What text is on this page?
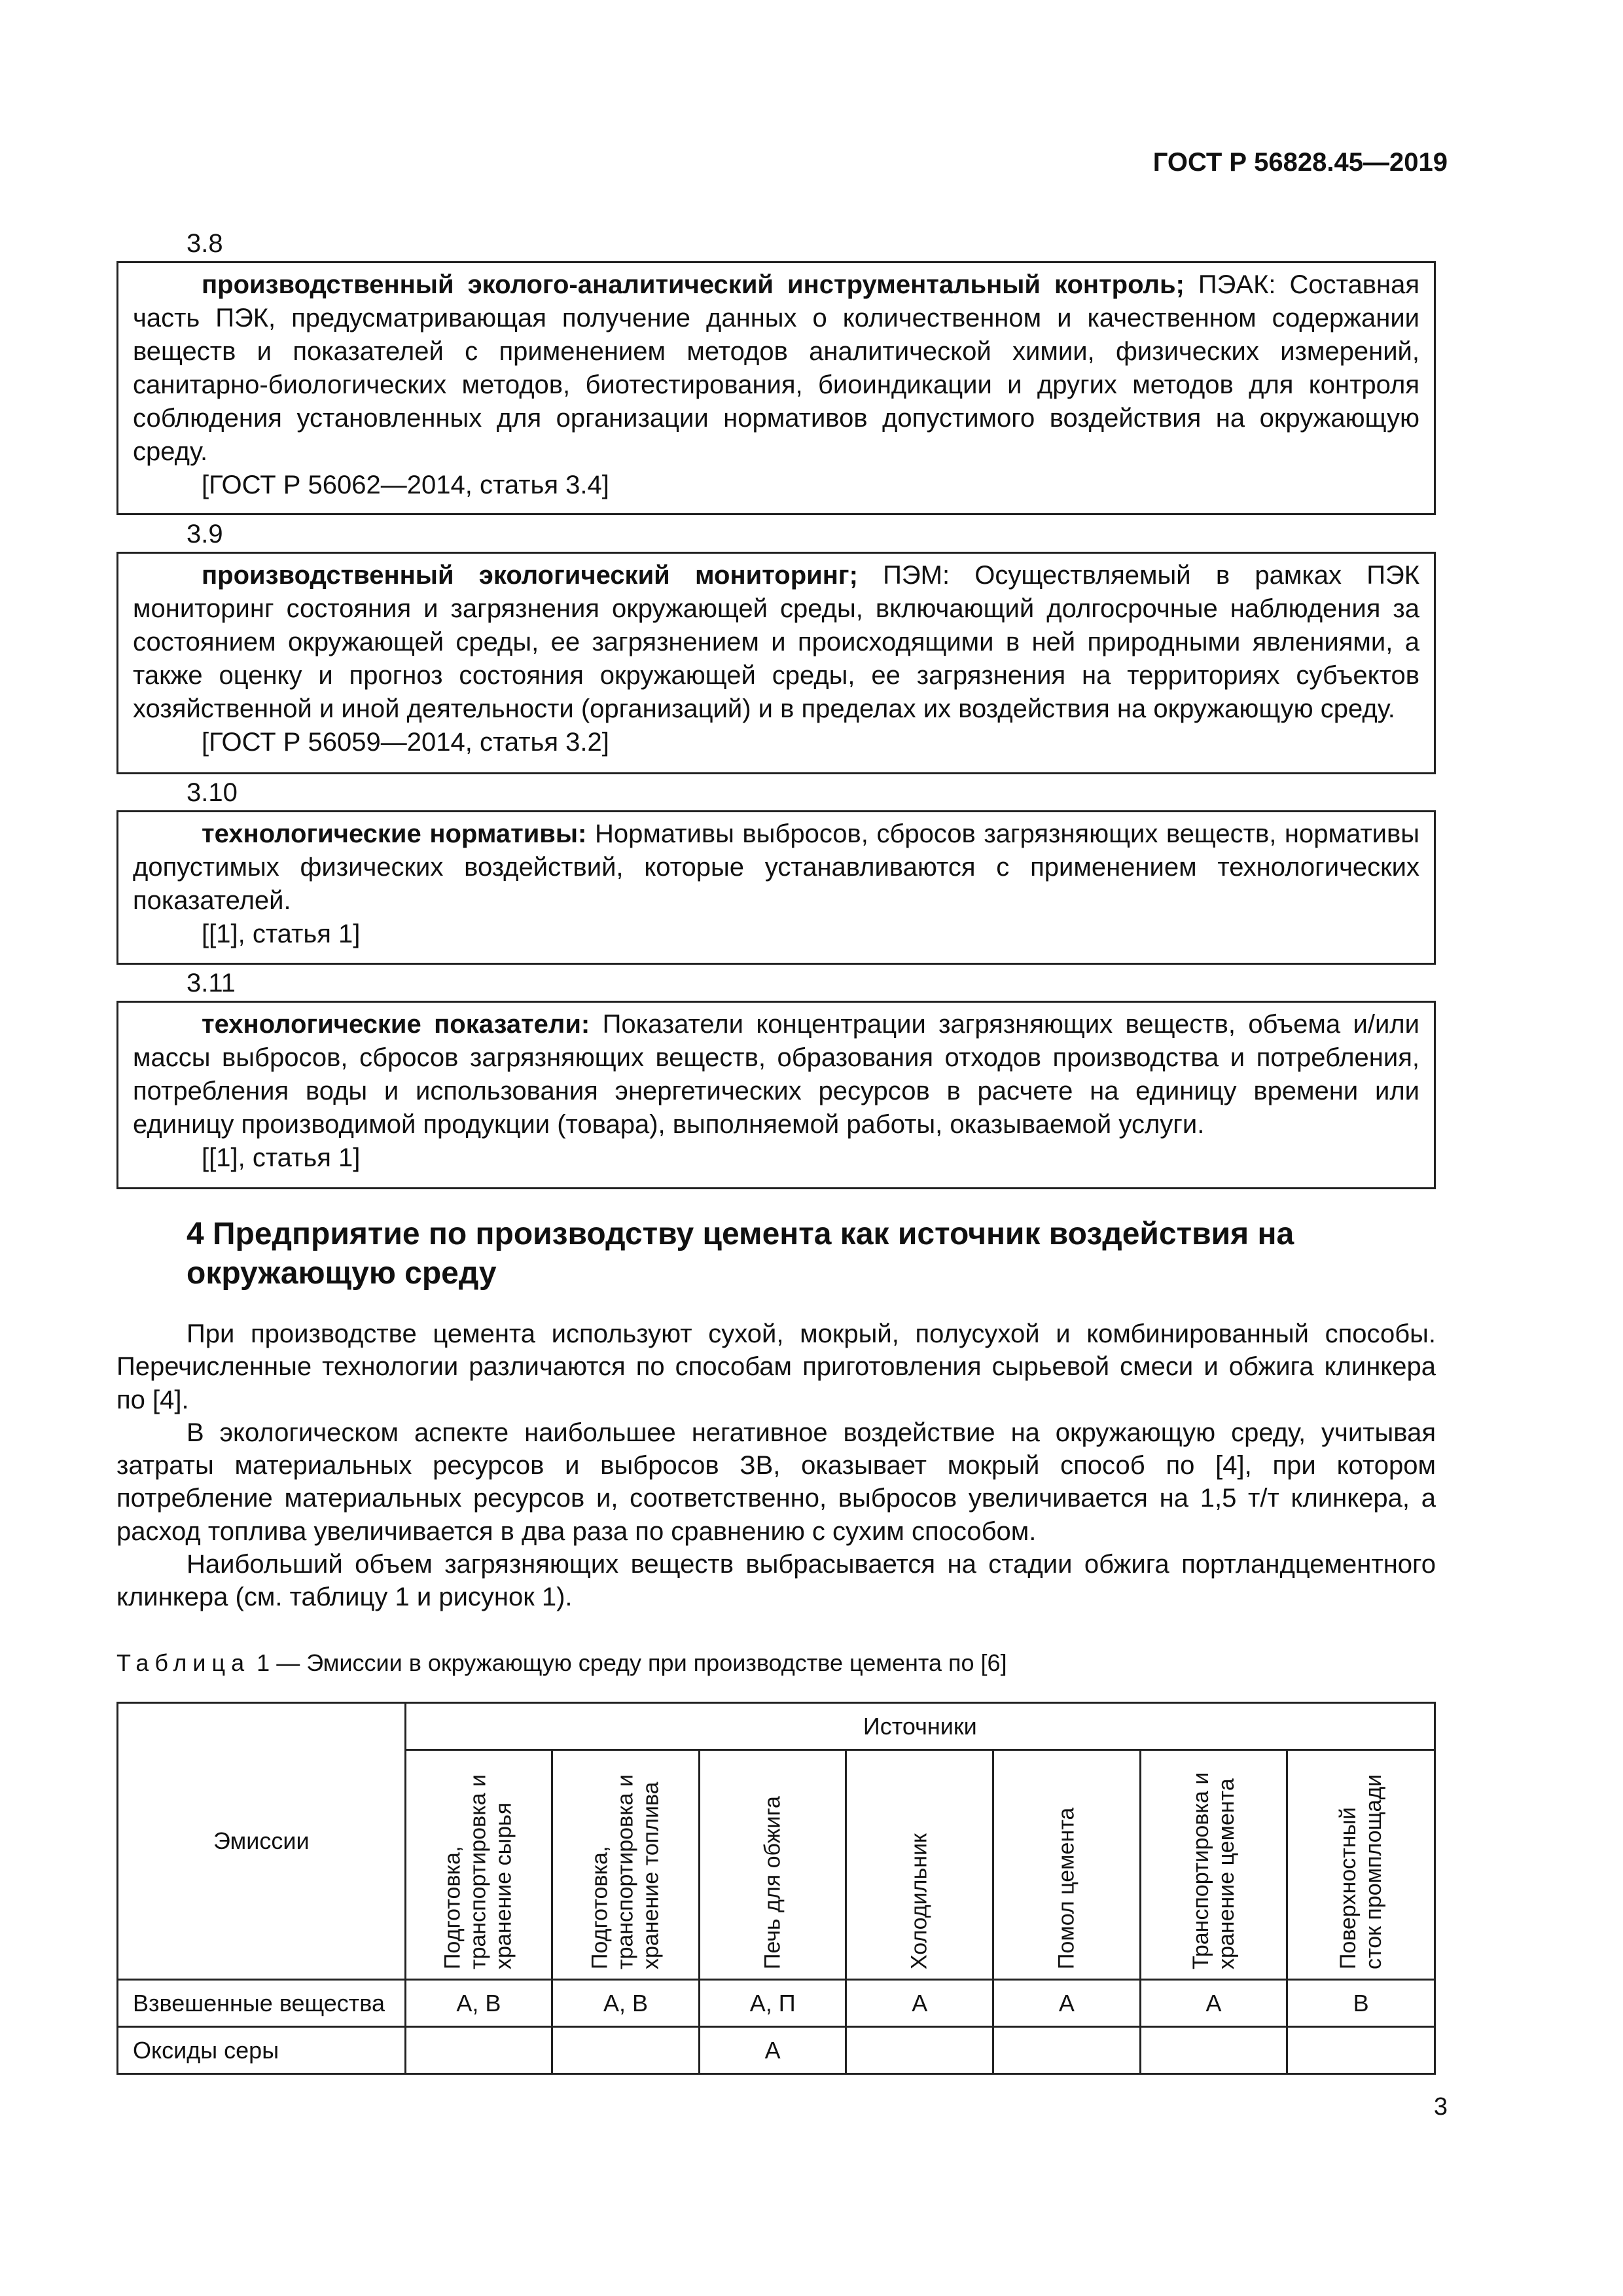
ГОСТ Р 56828.45—2019
3.8

производственный эколого-аналитический инструментальный контроль; ПЭАК: Составная часть ПЭК, предусматривающая получение данных о количественном и качественном содержании веществ и показателей с применением методов аналитической химии, физических измерений, санитарно-биологических методов, биотестирования, биоиндикации и других методов для контроля соблюдения установленных для организации нормативов допустимого воздействия на окружающую среду.

[ГОСТ Р 56062—2014, статья 3.4]

3.9

производственный экологический мониторинг; ПЭМ: Осуществляемый в рамках ПЭК мониторинг состояния и загрязнения окружающей среды, включающий долгосрочные наблюдения за состоянием окружающей среды, ее загрязнением и происходящими в ней природными явлениями, а также оценку и прогноз состояния окружающей среды, ее загрязнения на территориях субъектов хозяйственной и иной деятельности (организаций) и в пределах их воздействия на окружающую среду.

[ГОСТ Р 56059—2014, статья 3.2]

3.10

технологические нормативы: Нормативы выбросов, сбросов загрязняющих веществ, нормативы допустимых физических воздействий, которые устанавливаются с применением технологических показателей.

[[1], статья 1]

3.11

технологические показатели: Показатели концентрации загрязняющих веществ, объема и/или массы выбросов, сбросов загрязняющих веществ, образования отходов производства и потребления, потребления воды и использования энергетических ресурсов в расчете на единицу времени или единицу производимой продукции (товара), выполняемой работы, оказываемой услуги.

[[1], статья 1]

4 Предприятие по производству цемента как источник воздействия на окружающую среду

При производстве цемента используют сухой, мокрый, полусухой и комбинированный способы. Перечисленные технологии различаются по способам приготовления сырьевой смеси и обжига клинкера по [4].

В экологическом аспекте наибольшее негативное воздействие на окружающую среду, учитывая затраты материальных ресурсов и выбросов ЗВ, оказывает мокрый способ по [4], при котором потребление материальных ресурсов и, соответственно, выбросов увеличивается на 1,5 т/т клинкера, а расход топлива увеличивается в два раза по сравнению с сухим способом.

Наибольший объем загрязняющих веществ выбрасывается на стадии обжига портландцементного клинкера (см. таблицу 1 и рисунок 1).

Таблица 1 — Эмиссии в окружающую среду при производстве цемента по [6]
Эмиссии	Источники						

	Подготовка, транспортировка и хранение сырья	Подготовка, транспортировка и хранение топлива	Печь для обжига	Холодильник	Помол цемента	Транспортировка и хранение цемента	Поверхностный сток промплощади

Взвешенные вещества	А, В	А, В	А, П	А	А	А	В
Оксиды серы			А				
3
